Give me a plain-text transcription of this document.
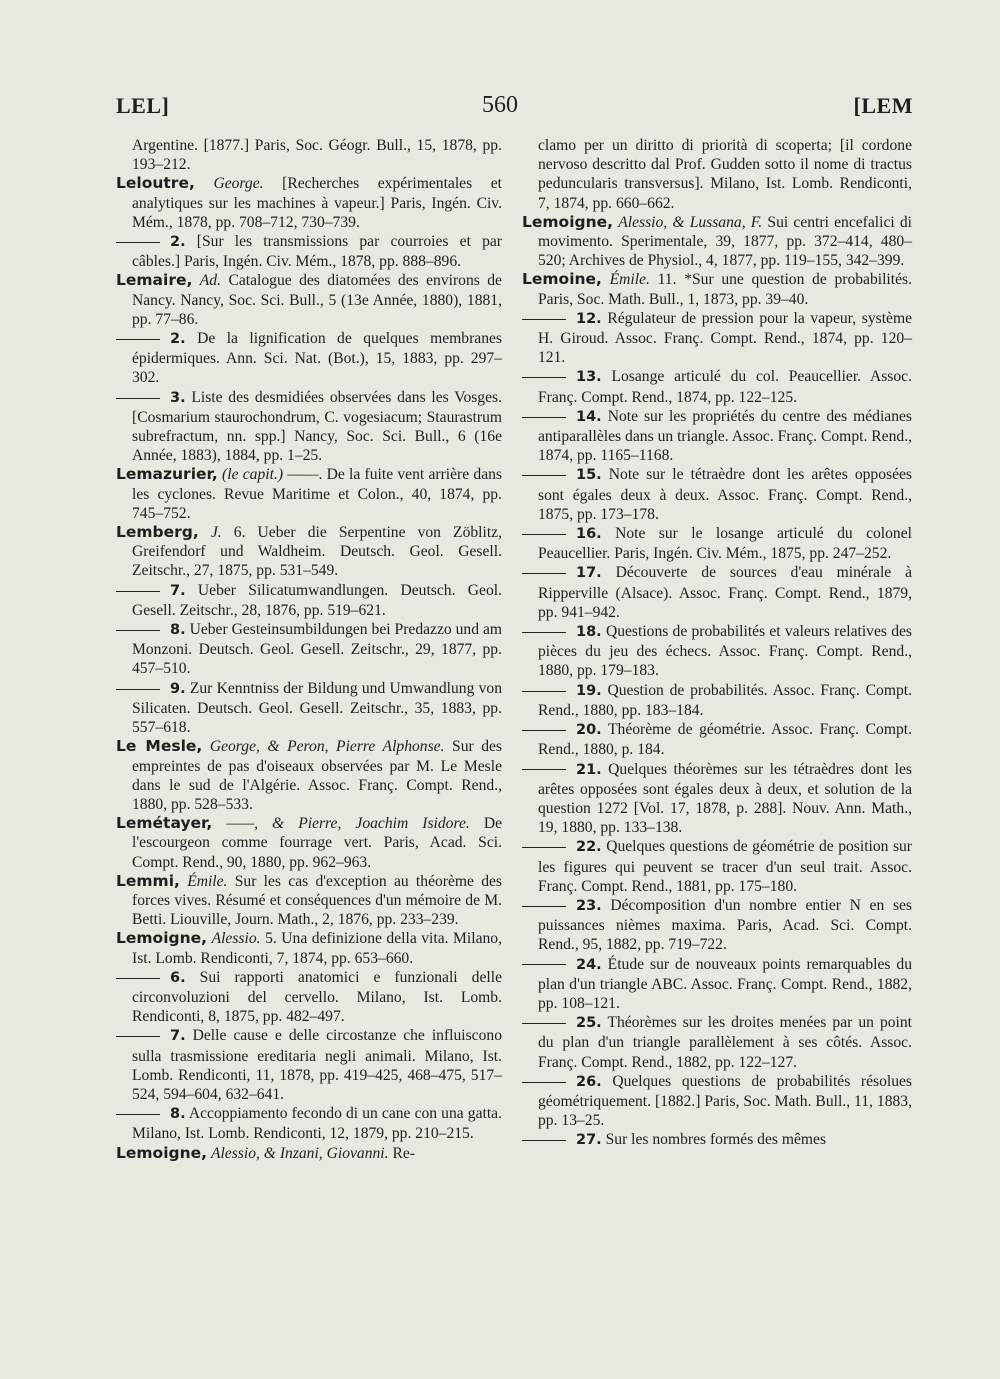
LEL]	560	[LEM

Argentine. [1877.] Paris, Soc. Géogr. Bull., 15, 1878, pp. 193–212.

Leloutre, George. [Recherches expérimentales et analytiques sur les machines à vapeur.] Paris, Ingén. Civ. Mém., 1878, pp. 708–712, 730–739.

2. [Sur les transmissions par courroies et par câbles.] Paris, Ingén. Civ. Mém., 1878, pp. 888–896.

Lemaire, Ad. Catalogue des diatomées des environs de Nancy. Nancy, Soc. Sci. Bull., 5 (13e Année, 1880), 1881, pp. 77–86.

2. De la lignification de quelques membranes épidermiques. Ann. Sci. Nat. (Bot.), 15, 1883, pp. 297–302.

3. Liste des desmidiées observées dans les Vosges. [Cosmarium staurochondrum, C. vogesiacum; Staurastrum subrefractum, nn. spp.] Nancy, Soc. Sci. Bull., 6 (16e Année, 1883), 1884, pp. 1–25.

Lemazurier, (le capit.) ——. De la fuite vent arrière dans les cyclones. Revue Maritime et Colon., 40, 1874, pp. 745–752.

Lemberg, J. 6. Ueber die Serpentine von Zöblitz, Greifendorf und Waldheim. Deutsch. Geol. Gesell. Zeitschr., 27, 1875, pp. 531–549.

7. Ueber Silicatumwandlungen. Deutsch. Geol. Gesell. Zeitschr., 28, 1876, pp. 519–621.

8. Ueber Gesteinsumbildungen bei Predazzo und am Monzoni. Deutsch. Geol. Gesell. Zeitschr., 29, 1877, pp. 457–510.

9. Zur Kenntniss der Bildung und Umwandlung von Silicaten. Deutsch. Geol. Gesell. Zeitschr., 35, 1883, pp. 557–618.

Le Mesle, George, & Peron, Pierre Alphonse. Sur des empreintes de pas d'oiseaux observées par M. Le Mesle dans le sud de l'Algérie. Assoc. Franç. Compt. Rend., 1880, pp. 528–533.

Lemétayer, ——, & Pierre, Joachim Isidore. De l'escourgeon comme fourrage vert. Paris, Acad. Sci. Compt. Rend., 90, 1880, pp. 962–963.

Lemmi, Émile. Sur les cas d'exception au théorème des forces vives. Résumé et conséquences d'un mémoire de M. Betti. Liouville, Journ. Math., 2, 1876, pp. 233–239.

Lemoigne, Alessio. 5. Una definizione della vita. Milano, Ist. Lomb. Rendiconti, 7, 1874, pp. 653–660.

6. Sui rapporti anatomici e funzionali delle circonvoluzioni del cervello. Milano, Ist. Lomb. Rendiconti, 8, 1875, pp. 482–497.

7. Delle cause e delle circostanze che influiscono sulla trasmissione ereditaria negli animali. Milano, Ist. Lomb. Rendiconti, 11, 1878, pp. 419–425, 468–475, 517–524, 594–604, 632–641.

8. Accoppiamento fecondo di un cane con una gatta. Milano, Ist. Lomb. Rendiconti, 12, 1879, pp. 210–215.

Lemoigne, Alessio, & Inzani, Giovanni. Re-

clamo per un diritto di priorità di scoperta; [il cordone nervoso descritto dal Prof. Gudden sotto il nome di tractus peduncularis transversus]. Milano, Ist. Lomb. Rendiconti, 7, 1874, pp. 660–662.

Lemoigne, Alessio, & Lussana, F. Sui centri encefalici di movimento. Sperimentale, 39, 1877, pp. 372–414, 480–520; Archives de Physiol., 4, 1877, pp. 119–155, 342–399.

Lemoine, Émile. 11. *Sur une question de probabilités. Paris, Soc. Math. Bull., 1, 1873, pp. 39–40.

12. Régulateur de pression pour la vapeur, système H. Giroud. Assoc. Franç. Compt. Rend., 1874, pp. 120–121.

13. Losange articulé du col. Peaucellier. Assoc. Franç. Compt. Rend., 1874, pp. 122–125.

14. Note sur les propriétés du centre des médianes antiparallèles dans un triangle. Assoc. Franç. Compt. Rend., 1874, pp. 1165–1168.

15. Note sur le tétraèdre dont les arêtes opposées sont égales deux à deux. Assoc. Franç. Compt. Rend., 1875, pp. 173–178.

16. Note sur le losange articulé du colonel Peaucellier. Paris, Ingén. Civ. Mém., 1875, pp. 247–252.

17. Découverte de sources d'eau minérale à Ripperville (Alsace). Assoc. Franç. Compt. Rend., 1879, pp. 941–942.

18. Questions de probabilités et valeurs relatives des pièces du jeu des échecs. Assoc. Franç. Compt. Rend., 1880, pp. 179–183.

19. Question de probabilités. Assoc. Franç. Compt. Rend., 1880, pp. 183–184.

20. Théorème de géométrie. Assoc. Franç. Compt. Rend., 1880, p. 184.

21. Quelques théorèmes sur les tétraèdres dont les arêtes opposées sont égales deux à deux, et solution de la question 1272 [Vol. 17, 1878, p. 288]. Nouv. Ann. Math., 19, 1880, pp. 133–138.

22. Quelques questions de géométrie de position sur les figures qui peuvent se tracer d'un seul trait. Assoc. Franç. Compt. Rend., 1881, pp. 175–180.

23. Décomposition d'un nombre entier N en ses puissances nièmes maxima. Paris, Acad. Sci. Compt. Rend., 95, 1882, pp. 719–722.

24. Étude sur de nouveaux points remarquables du plan d'un triangle ABC. Assoc. Franç. Compt. Rend., 1882, pp. 108–121.

25. Théorèmes sur les droites menées par un point du plan d'un triangle parallèlement à ses côtés. Assoc. Franç. Compt. Rend., 1882, pp. 122–127.

26. Quelques questions de probabilités résolues géométriquement. [1882.] Paris, Soc. Math. Bull., 11, 1883, pp. 13–25.

27. Sur les nombres formés des mêmes
